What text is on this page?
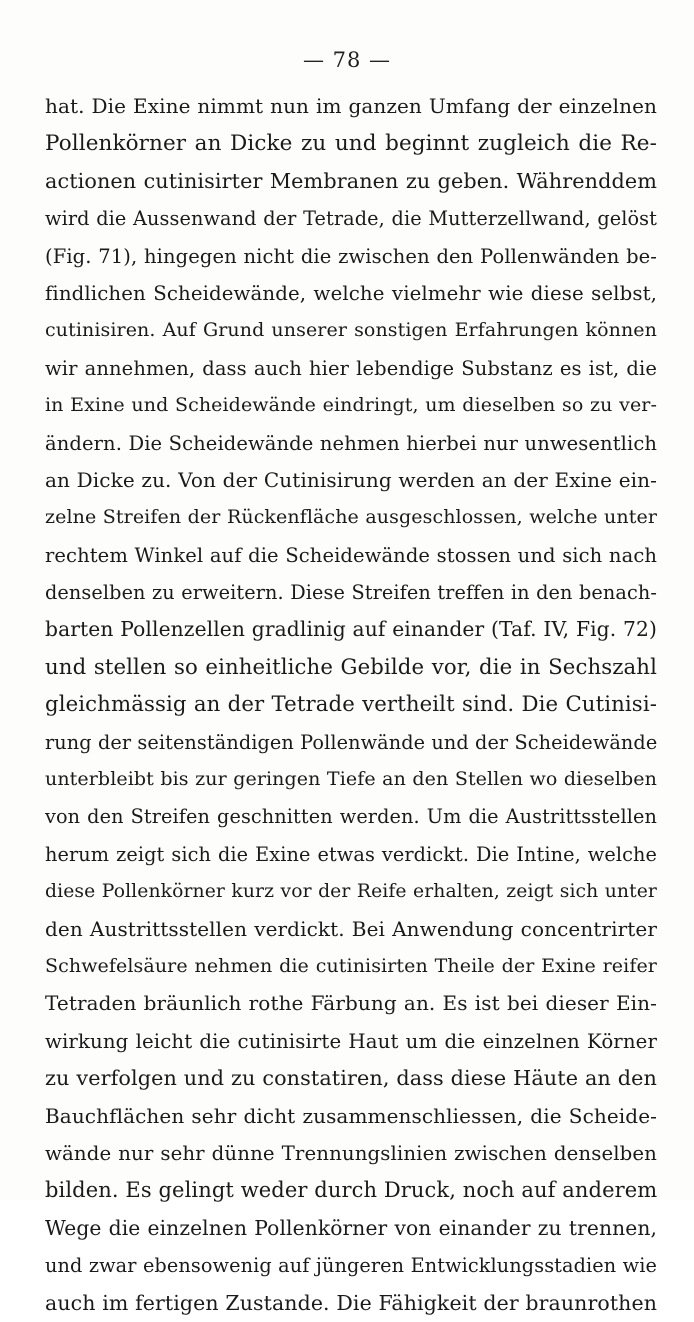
— 78 —
hat. Die Exine nimmt nun im ganzen Umfang der einzelnen
Pollenkörner an Dicke zu und beginnt zugleich die Re-
actionen cutinisirter Membranen zu geben. Währenddem
wird die Aussenwand der Tetrade, die Mutterzellwand, gelöst
(Fig. 71), hingegen nicht die zwischen den Pollenwänden be-
findlichen Scheidewände, welche vielmehr wie diese selbst,
cutinisiren. Auf Grund unserer sonstigen Erfahrungen können
wir annehmen, dass auch hier lebendige Substanz es ist, die
in Exine und Scheidewände eindringt, um dieselben so zu ver-
ändern. Die Scheidewände nehmen hierbei nur unwesentlich
an Dicke zu. Von der Cutinisirung werden an der Exine ein-
zelne Streifen der Rückenfläche ausgeschlossen, welche unter
rechtem Winkel auf die Scheidewände stossen und sich nach
denselben zu erweitern. Diese Streifen treffen in den benach-
barten Pollenzellen gradlinig auf einander (Taf. IV, Fig. 72)
und stellen so einheitliche Gebilde vor, die in Sechszahl
gleichmässig an der Tetrade vertheilt sind. Die Cutinisi-
rung der seitenständigen Pollenwände und der Scheidewände
unterbleibt bis zur geringen Tiefe an den Stellen wo dieselben
von den Streifen geschnitten werden. Um die Austrittsstellen
herum zeigt sich die Exine etwas verdickt. Die Intine, welche
diese Pollenkörner kurz vor der Reife erhalten, zeigt sich unter
den Austrittsstellen verdickt. Bei Anwendung concentrirter
Schwefelsäure nehmen die cutinisirten Theile der Exine reifer
Tetraden bräunlich rothe Färbung an. Es ist bei dieser Ein-
wirkung leicht die cutinisirte Haut um die einzelnen Körner
zu verfolgen und zu constatiren, dass diese Häute an den
Bauchflächen sehr dicht zusammenschliessen, die Scheide-
wände nur sehr dünne Trennungslinien zwischen denselben
bilden. Es gelingt weder durch Druck, noch auf anderem
Wege die einzelnen Pollenkörner von einander zu trennen,
und zwar ebensowenig auf jüngeren Entwicklungsstadien wie
auch im fertigen Zustande. Die Fähigkeit der braunrothen
